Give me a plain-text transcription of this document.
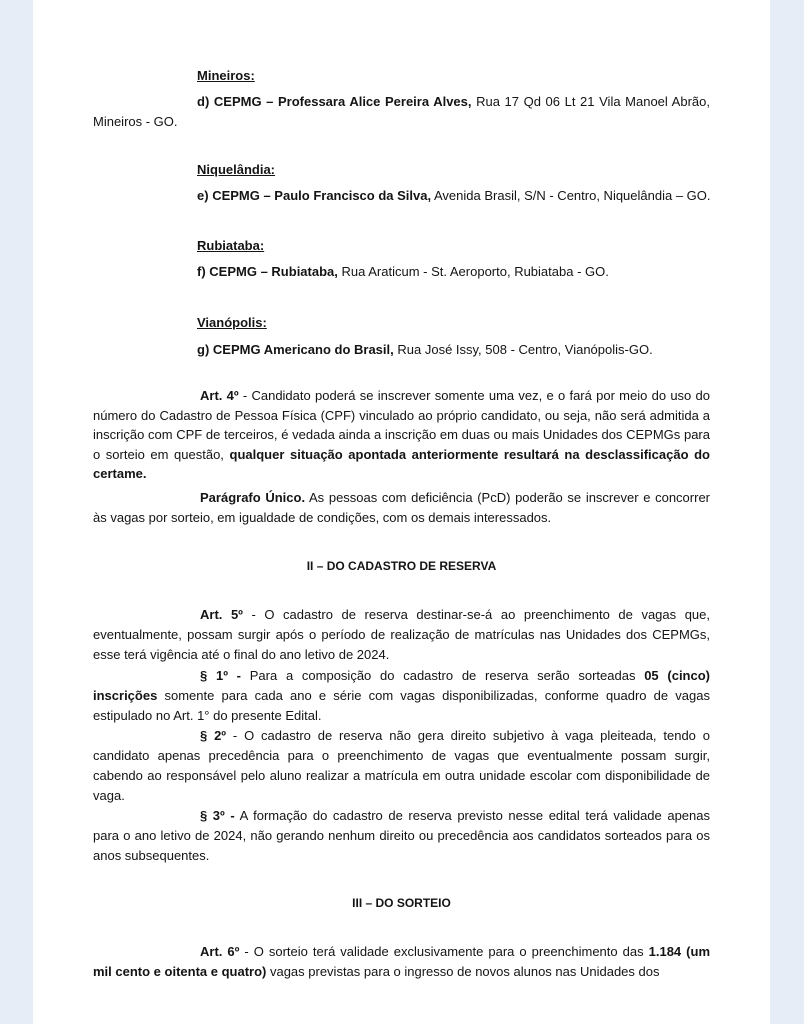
Mineiros:
d) CEPMG – Professara Alice Pereira Alves, Rua 17 Qd 06 Lt 21 Vila Manoel Abrão, Mineiros - GO.
Niquelândia:
e) CEPMG – Paulo Francisco da Silva, Avenida Brasil, S/N - Centro, Niquelândia – GO.
Rubiataba:
f) CEPMG – Rubiataba, Rua Araticum - St. Aeroporto, Rubiataba - GO.
Vianópolis:
g) CEPMG Americano do Brasil, Rua José Issy, 508 - Centro, Vianópolis-GO.
Art. 4º - Candidato poderá se inscrever somente uma vez, e o fará por meio do uso do número do Cadastro de Pessoa Física (CPF) vinculado ao próprio candidato, ou seja, não será admitida a inscrição com CPF de terceiros, é vedada ainda a inscrição em duas ou mais Unidades dos CEPMGs para o sorteio em questão, qualquer situação apontada anteriormente resultará na desclassificação do certame.
Parágrafo Único. As pessoas com deficiência (PcD) poderão se inscrever e concorrer às vagas por sorteio, em igualdade de condições, com os demais interessados.
II – DO CADASTRO DE RESERVA
Art. 5º - O cadastro de reserva destinar-se-á ao preenchimento de vagas que, eventualmente, possam surgir após o período de realização de matrículas nas Unidades dos CEPMGs, esse terá vigência até o final do ano letivo de 2024.
§ 1º - Para a composição do cadastro de reserva serão sorteadas 05 (cinco) inscrições somente para cada ano e série com vagas disponibilizadas, conforme quadro de vagas estipulado no Art. 1° do presente Edital.
§ 2º - O cadastro de reserva não gera direito subjetivo à vaga pleiteada, tendo o candidato apenas precedência para o preenchimento de vagas que eventualmente possam surgir, cabendo ao responsável pelo aluno realizar a matrícula em outra unidade escolar com disponibilidade de vaga.
§ 3º - A formação do cadastro de reserva previsto nesse edital terá validade apenas para o ano letivo de 2024, não gerando nenhum direito ou precedência aos candidatos sorteados para os anos subsequentes.
III – DO SORTEIO
Art. 6º - O sorteio terá validade exclusivamente para o preenchimento das 1.184 (um mil cento e oitenta e quatro) vagas previstas para o ingresso de novos alunos nas Unidades dos
